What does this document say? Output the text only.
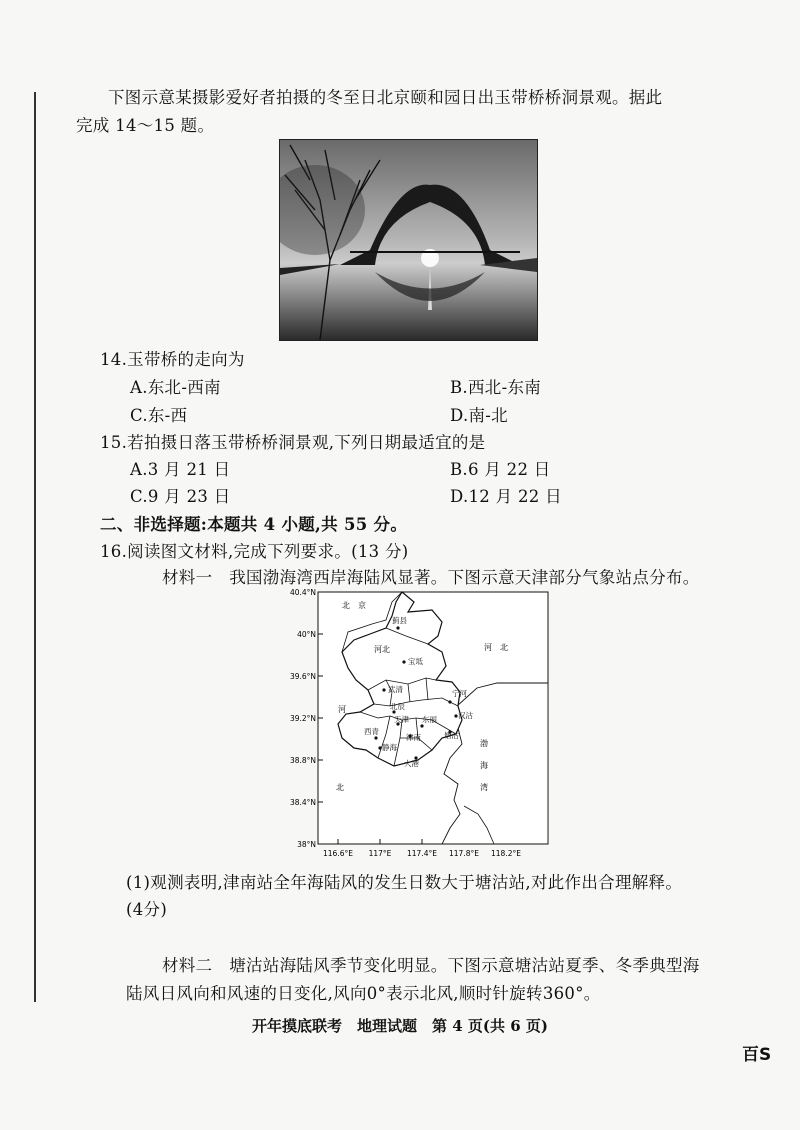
下图示意某摄影爱好者拍摄的冬至日北京颐和园日出玉带桥桥洞景观。据此
完成 14～15 题。
14.玉带桥的走向为
A.东北-西南	B.西北-东南
C.东-西	D.南-北
15.若拍摄日落玉带桥桥洞景观,下列日期最适宜的是
A.3 月 21 日	B.6 月 22 日
C.9 月 23 日	D.12 月 22 日
二、非选择题:本题共 4 小题,共 55 分。
16.阅读图文材料,完成下列要求。(13 分)
材料一　我国渤海湾西岸海陆风显著。下图示意天津部分气象站点分布。
40.4°N
40°N
39.6°N
39.2°N
38.8°N
38.4°N
38°N
116.6°E 117°E 117.4°E 117.8°E 118.2°E
北　京
河　北
河北
河
北
渤
海
湾
蓟县
宝坻
武清	宁河
北辰
汉沽
天津 东丽
西青
津南	塘沽
静海
大港
(1)观测表明,津南站全年海陆风的发生日数大于塘沽站,对此作出合理解释。
(4分)
材料二　塘沽站海陆风季节变化明显。下图示意塘沽站夏季、冬季典型海
陆风日风向和风速的日变化,风向0°表示北风,顺时针旋转360°。
开年摸底联考　地理试题　第 4 页(共 6 页)
百S
